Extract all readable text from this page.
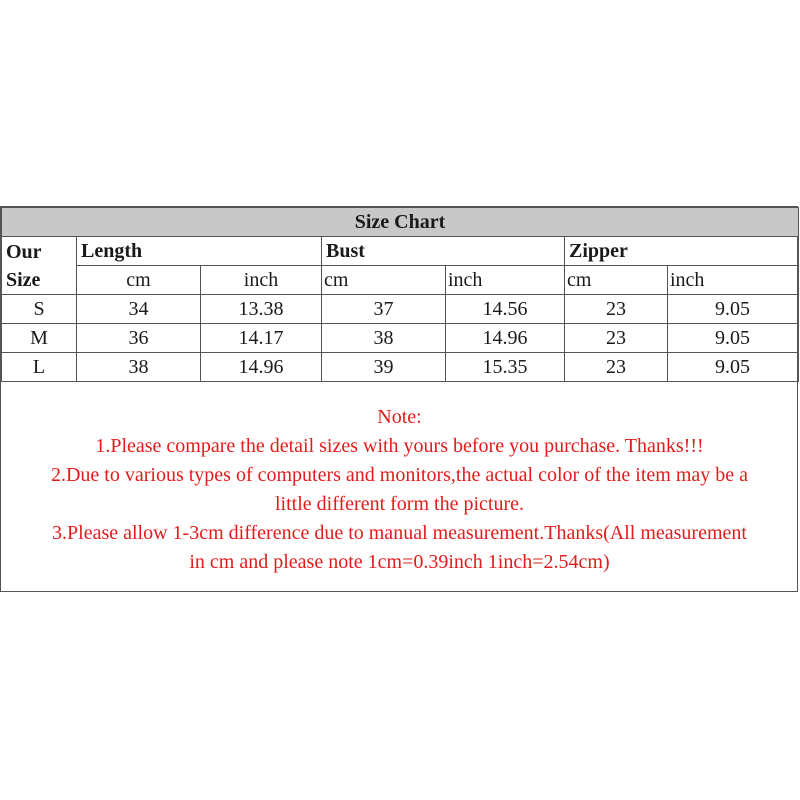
Size Chart						

Our
Size	Length		Bust		Zipper	
	cm	inch	cm	inch	cm	inch
S	34	13.38	37	14.56	23	9.05
M	36	14.17	38	14.96	23	9.05
L	38	14.96	39	15.35	23	9.05
Note:
1.Please compare the detail sizes with yours before you purchase. Thanks!!!
2.Due to various types of computers and monitors,the actual color of the item may be a
little different form the picture.
3.Please allow 1-3cm difference due to manual measurement.Thanks(All measurement
in cm and please note 1cm=0.39inch 1inch=2.54cm)
